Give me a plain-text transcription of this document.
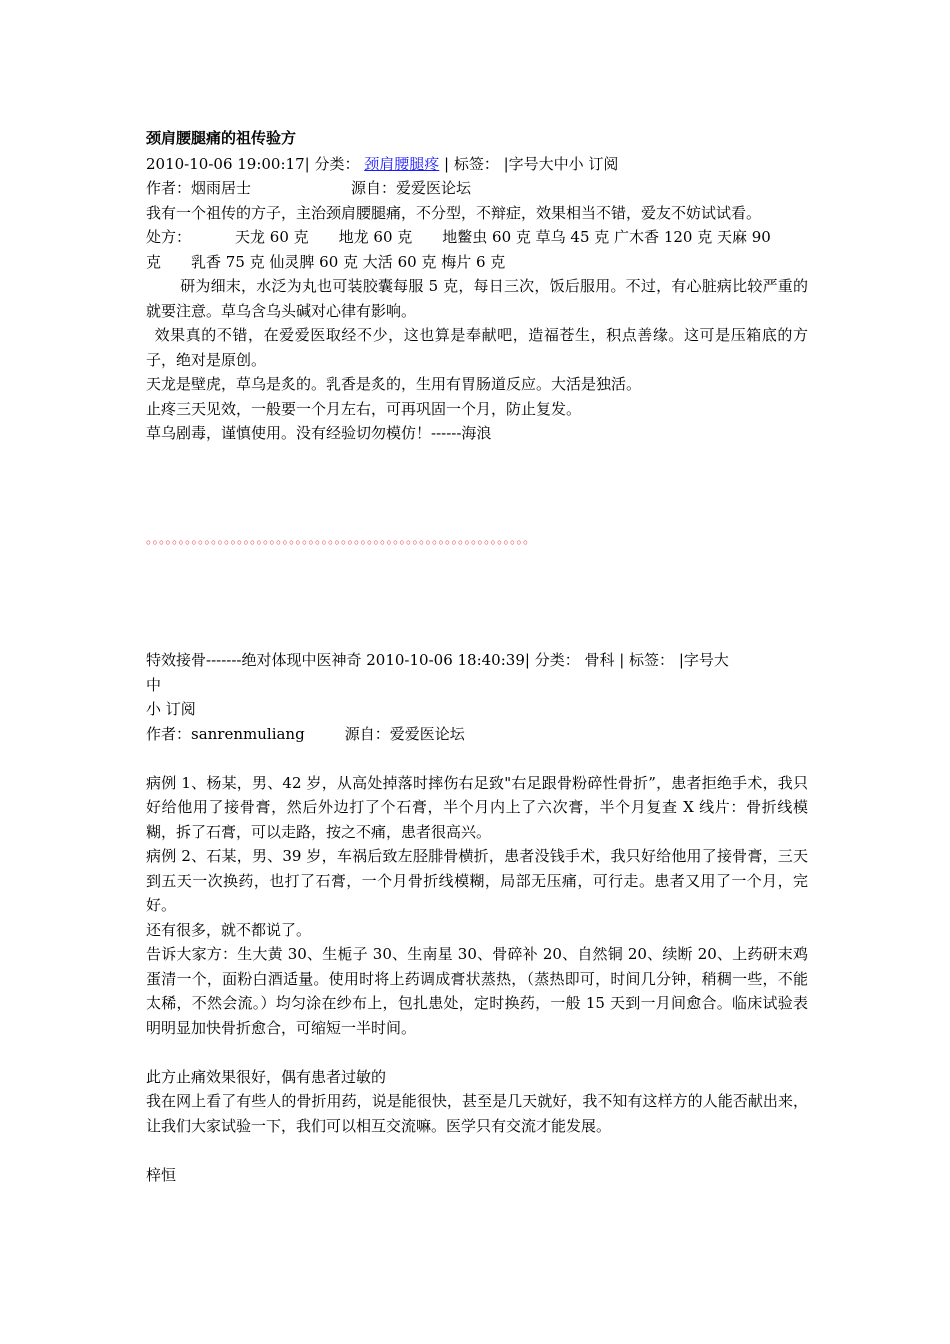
颈肩腰腿痛的祖传验方
2010-10-06 19:00:17| 分类： 颈肩腰腿疼 | 标签： |字号大中小 订阅
作者：烟雨居士	源自：爱爱医论坛
我有一个祖传的方子，主治颈肩腰腿痛，不分型，不辩症，效果相当不错，爱友不妨试试看。
处方：	天龙 60 克 地龙 60 克 地鳖虫 60 克 草乌 45 克 广木香 120 克 天麻 90
克 乳香 75 克 仙灵脾 60 克 大活 60 克 梅片 6 克
研为细末，水泛为丸也可装胶囊每服 5 克，每日三次，饭后服用。不过，有心脏病比较严重的就要注意。草乌含乌头碱对心律有影响。
效果真的不错，在爱爱医取经不少，这也算是奉献吧，造福苍生，积点善缘。这可是压箱底的方子，绝对是原创。
天龙是壁虎，草乌是炙的。乳香是炙的，生用有胃肠道反应。大活是独活。
止疼三天见效，一般要一个月左右，可再巩固一个月，防止复发。
草乌剧毒，谨慎使用。没有经验切勿模仿！------海浪
。。。。。。。。。。。。。。。。。。。。。。。。。。。。。。。。。。。。。。。。。。。。。。。。。。。。。。。。。。。
特效接骨-------绝对体现中医神奇 2010-10-06 18:40:39| 分类： 骨科 | 标签： |字号大
中
小 订阅
作者：sanrenmuliang	源自：爱爱医论坛
病例 1、杨某，男、42 岁，从高处掉落时摔伤右足致"右足跟骨粉碎性骨折”，患者拒绝手术，我只好给他用了接骨膏，然后外边打了个石膏，半个月内上了六次膏，半个月复查 X 线片：骨折线模糊，拆了石膏，可以走路，按之不痛，患者很高兴。
病例 2、石某，男、39 岁，车祸后致左胫腓骨横折，患者没钱手术，我只好给他用了接骨膏，三天到五天一次换药，也打了石膏，一个月骨折线模糊，局部无压痛，可行走。患者又用了一个月，完好。
还有很多，就不都说了。
告诉大家方：生大黄 30、生栀子 30、生南星 30、骨碎补 20、自然铜 20、续断 20、上药研末鸡蛋清一个，面粉白酒适量。使用时将上药调成膏状蒸热，（蒸热即可，时间几分钟，稍稠一些，不能太稀，不然会流。）均匀涂在纱布上，包扎患处，定时换药，一般 15 天到一月间愈合。临床试验表明明显加快骨折愈合，可缩短一半时间。
此方止痛效果很好，偶有患者过敏的
我在网上看了有些人的骨折用药，说是能很快，甚至是几天就好，我不知有这样方的人能否献出来，让我们大家试验一下，我们可以相互交流嘛。医学只有交流才能发展。
梓恒
